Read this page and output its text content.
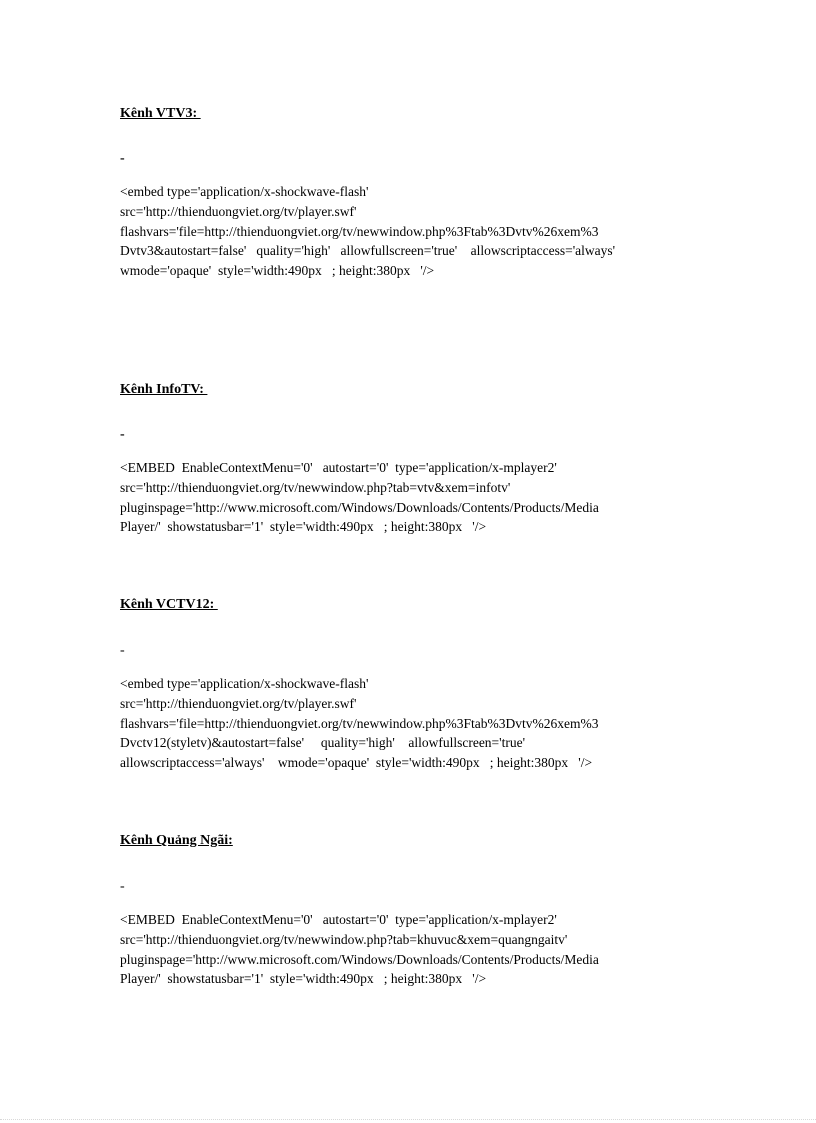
Kênh VTV3:
-
<embed type='application/x-shockwave-flash'
src='http://thienduongviet.org/tv/player.swf'
flashvars='file=http://thienduongviet.org/tv/newwindow.php%3Ftab%3Dvtv%26xem%3
Dvtv3&autostart=false'   quality='high'   allowfullscreen='true'    allowscriptaccess='always'
wmode='opaque'  style='width:490px   ; height:380px   '/>
Kênh InfoTV:
-
<EMBED  EnableContextMenu='0'   autostart='0'  type='application/x-mplayer2'
src='http://thienduongviet.org/tv/newwindow.php?tab=vtv&xem=infotv'
pluginspage='http://www.microsoft.com/Windows/Downloads/Contents/Products/Media
Player/'  showstatusbar='1'  style='width:490px   ; height:380px   '/>
Kênh VCTV12:
-
<embed type='application/x-shockwave-flash'
src='http://thienduongviet.org/tv/player.swf'
flashvars='file=http://thienduongviet.org/tv/newwindow.php%3Ftab%3Dvtv%26xem%3
Dvctv12(styletv)&autostart=false'     quality='high'    allowfullscreen='true'
allowscriptaccess='always'    wmode='opaque'  style='width:490px   ; height:380px   '/>
Kênh Quảng Ngãi:
-
<EMBED  EnableContextMenu='0'   autostart='0'  type='application/x-mplayer2'
src='http://thienduongviet.org/tv/newwindow.php?tab=khuvuc&xem=quangngaitv'
pluginspage='http://www.microsoft.com/Windows/Downloads/Contents/Products/Media
Player/'  showstatusbar='1'  style='width:490px   ; height:380px   '/>
